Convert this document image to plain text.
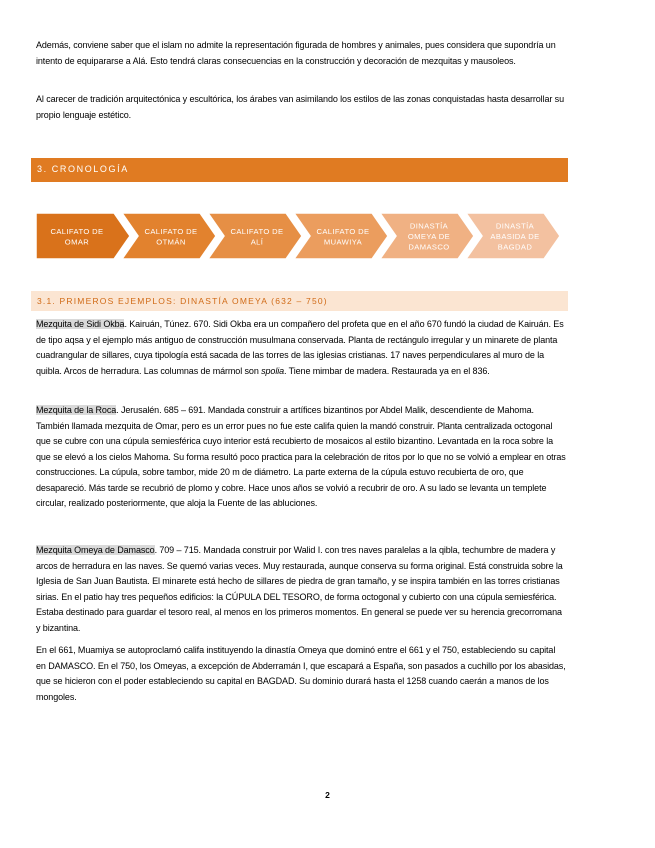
Además, conviene saber que el islam no admite la representación figurada de hombres y animales, pues considera que supondría un intento de equipararse a Alá. Esto tendrá claras consecuencias en la construcción y decoración de mezquitas y mausoleos.

Al carecer de tradición arquitectónica y escultórica, los árabes van asimilando los estilos de las zonas conquistadas hasta desarrollar su propio lenguaje estético.

3. CRONOLOGÍA
CALIFATO DE
OMAR
CALIFATO DE
OTMÁN
CALIFATO DE
ALÍ
CALIFATO DE
MUAWIYA
DINASTÍA
OMEYA DE
DAMASCO
DINASTÍA
ABASIDA DE
BAGDAD
3.1. PRIMEROS EJEMPLOS: DINASTÍA OMEYA (632 – 750)

Mezquita de Sidi Okba. Kairuán, Túnez. 670. Sidi Okba era un compañero del profeta que en el año 670 fundó la ciudad de Kairuán. Es de tipo aqsa y el ejemplo más antiguo de construcción musulmana conservada. Planta de rectángulo irregular y un minarete de planta cuadrangular de sillares, cuya tipología está sacada de las torres de las iglesias cristianas. 17 naves perpendiculares al muro de la quibla. Arcos de herradura. Las columnas de mármol son spolia. Tiene mimbar de madera. Restaurada ya en el 836.

Mezquita de la Roca. Jerusalén. 685 – 691. Mandada construir a artífices bizantinos por Abdel Malik, descendiente de Mahoma. También llamada mezquita de Omar, pero es un error pues no fue este califa quien la mandó construir. Planta centralizada octogonal que se cubre con una cúpula semiesférica cuyo interior está recubierto de mosaicos al estilo bizantino. Levantada en la roca sobre la que se elevó a los cielos Mahoma. Su forma resultó poco practica para la celebración de ritos por lo que no se volvió a emplear en otras construcciones. La cúpula, sobre tambor, mide 20 m de diámetro. La parte externa de la cúpula estuvo recubierta de oro, que desapareció. Más tarde se recubrió de plomo y cobre. Hace unos años se volvió a recubrir de oro. A su lado se levanta un templete circular, realizado posteriormente, que aloja la Fuente de las abluciones.

Mezquita Omeya de Damasco. 709 – 715. Mandada construir por Walid I. con tres naves paralelas a la qibla, techumbre de madera y arcos de herradura en las naves. Se quemó varias veces. Muy restaurada, aunque conserva su forma original. Está construida sobre la Iglesia de San Juan Bautista. El minarete está hecho de sillares de piedra de gran tamaño, y se inspira también en las torres cristianas sirias. En el patio hay tres pequeños edificios: la CÚPULA DEL TESORO, de forma octogonal y cubierto con una cúpula semiesférica. Estaba destinado para guardar el tesoro real, al menos en los primeros momentos. En general se puede ver su herencia grecorromana y bizantina.

En el 661, Muamiya se autoproclamó califa instituyendo la dinastía Omeya que dominó entre el 661 y el 750, estableciendo su capital en DAMASCO. En el 750, los Omeyas, a excepción de Abderramán I, que escapará a España, son pasados a cuchillo por los abasidas, que se hicieron con el poder estableciendo su capital en BAGDAD. Su dominio durará hasta el 1258 cuando caerán a manos de los mongoles.

2
